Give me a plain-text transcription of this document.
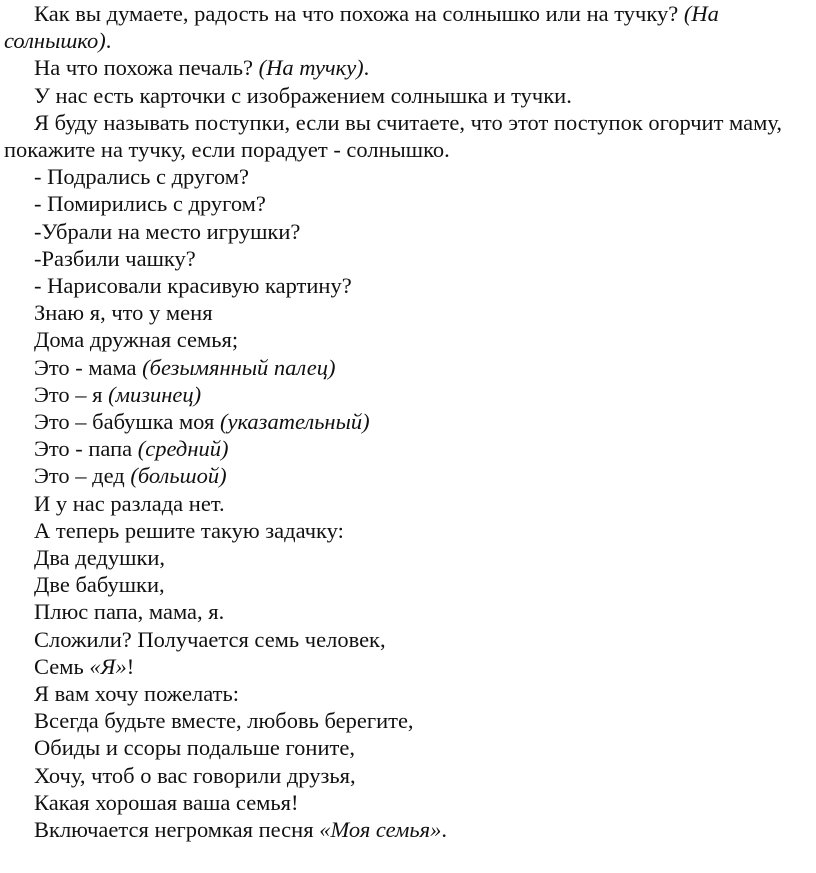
Как вы думаете, радость на что похожа на солнышко или на тучку? (На солнышко).

На что похожа печаль? (На тучку).

У нас есть карточки с изображением солнышка и тучки.

Я буду называть поступки, если вы считаете, что этот поступок огорчит маму, покажите на тучку, если порадует - солнышко.

- Подрались с другом?

- Помирились с другом?

-Убрали на место игрушки?

-Разбили чашку?

- Нарисовали красивую картину?

Знаю я, что у меня

Дома дружная семья;

Это - мама (безымянный палец)

Это – я (мизинец)

Это – бабушка моя (указательный)

Это - папа (средний)

Это – дед (большой)

И у нас разлада нет.

А теперь решите такую задачку:

Два дедушки,

Две бабушки,

Плюс папа, мама, я.

Сложили? Получается семь человек,

Семь «Я»!

Я вам хочу пожелать:

Всегда будьте вместе, любовь берегите,

Обиды и ссоры подальше гоните,

Хочу, чтоб о вас говорили друзья,

Какая хорошая ваша семья!

Включается негромкая песня «Моя семья».
